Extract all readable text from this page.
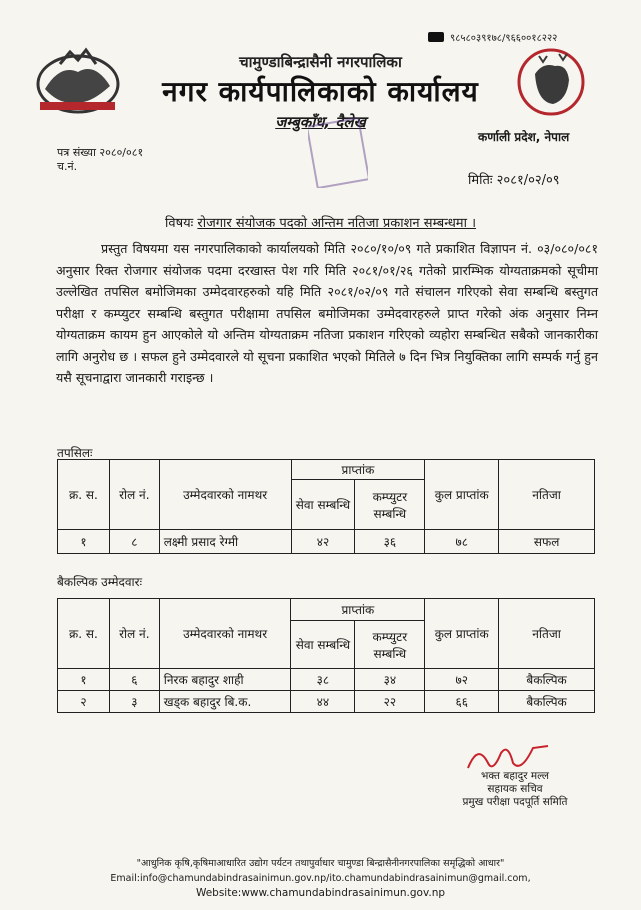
९८५८०३९१७८/९६६००१८२२२
चामुण्डाबिन्द्रासैनी नगरपालिका
नगर कार्यपालिकाको कार्यालय
जम्बुकाँध, दैलेख
कर्णाली प्रदेश, नेपाल
पत्र संख्या २०८०/०८१
च.नं.
मितिः २०८१/०२/०९
विषयः रोजगार संयोजक पदको अन्तिम नतिजा प्रकाशन सम्बन्धमा ।
प्रस्तुत विषयमा यस नगरपालिकाको कार्यालयको मिति २०८०/१०/०९ गते प्रकाशित विज्ञापन नं. ०३/०८०/०८१ अनुसार रिक्त रोजगार संयोजक पदमा दरखास्त पेश गरि मिति २०८१/०१/२६ गतेको प्रारम्भिक योग्यताक्रमको सूचीमा उल्लेखित तपसिल बमोजिमका उम्मेदवारहरुको यहि मिति २०८१/०२/०९ गते संचालन गरिएको सेवा सम्बन्धि बस्तुगत परीक्षा र कम्प्युटर सम्बन्धि बस्तुगत परीक्षामा तपसिल बमोजिमका उम्मेदवारहरुले प्राप्त गरेको अंक अनुसार निम्न योग्यताक्रम कायम हुन आएकोले यो अन्तिम योग्यताक्रम नतिजा प्रकाशन गरिएको व्यहोरा सम्बन्धित सबैको जानकारीका लागि अनुरोध छ । सफल हुने उम्मेदवारले यो सूचना प्रकाशित भएको मितिले ७ दिन भित्र नियुक्तिका लागि सम्पर्क गर्नु हुन यसै सूचनाद्वारा जानकारी गराइन्छ ।
तपसिलः
क्र. स.	रोल नं.	उम्मेदवारको नामथर	प्राप्तांक		कुल प्राप्तांक	नतिजा
			सेवा सम्बन्धि	कम्प्युटर सम्बन्धि		
१	८	लक्ष्मी प्रसाद रेग्मी	४२	३६	७८	सफल
बैकल्पिक उम्मेदवारः
क्र. स.	रोल नं.	उम्मेदवारको नामथर	प्राप्तांक		कुल प्राप्तांक	नतिजा
			सेवा सम्बन्धि	कम्प्युटर सम्बन्धि		
१	६	निरक बहादुर शाही	३८	३४	७२	बैकल्पिक
२	३	खड्क बहादुर बि.क.	४४	२२	६६	बैकल्पिक
भक्त बहादुर मल्ल
सहायक सचिव
प्रमुख परीक्षा पदपूर्ति समिति
"आधुनिक कृषि,कृषिमाआधारित उद्योग पर्यटन तथापुर्वाधार चामुण्डा बिन्द्रासैनीनगरपालिका समृद्धिको आधार"
Email:info@chamundabindrasainimun.gov.np/ito.chamundabindrasainimun@gmail.com,
Website:www.chamundabindrasainimun.gov.np
